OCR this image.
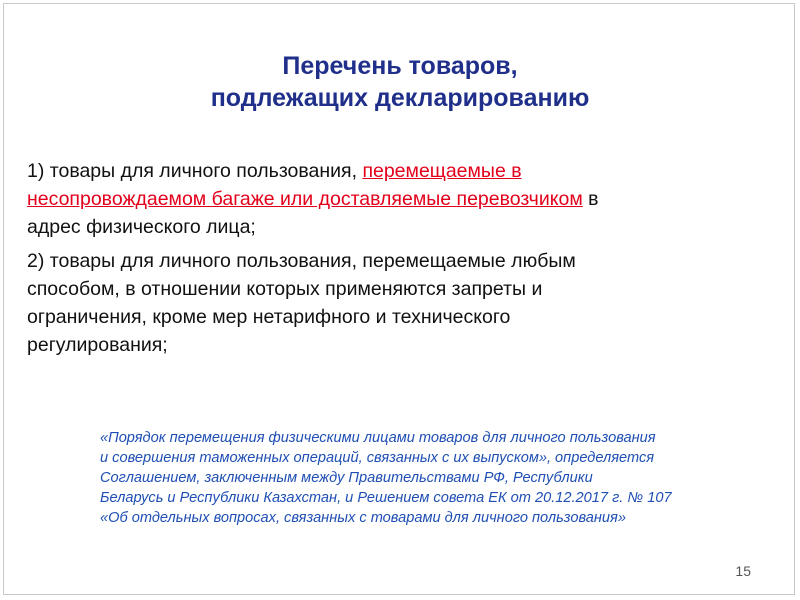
Перечень товаров,
подлежащих декларированию
1) товары для личного пользования, перемещаемые в
несопровождаемом багаже или доставляемые перевозчиком в
адрес физического лица;
2) товары для личного пользования, перемещаемые любым
способом, в отношении которых применяются запреты и
ограничения, кроме мер нетарифного и технического
регулирования;
«Порядок перемещения физическими лицами товаров для личного пользования
и совершения таможенных операций, связанных с их выпуском», определяется
Соглашением, заключенным между Правительствами РФ, Республики
Беларусь и Республики Казахстан, и Решением совета ЕК от 20.12.2017 г. № 107
«Об отдельных вопросах, связанных с товарами для личного пользования»
15
